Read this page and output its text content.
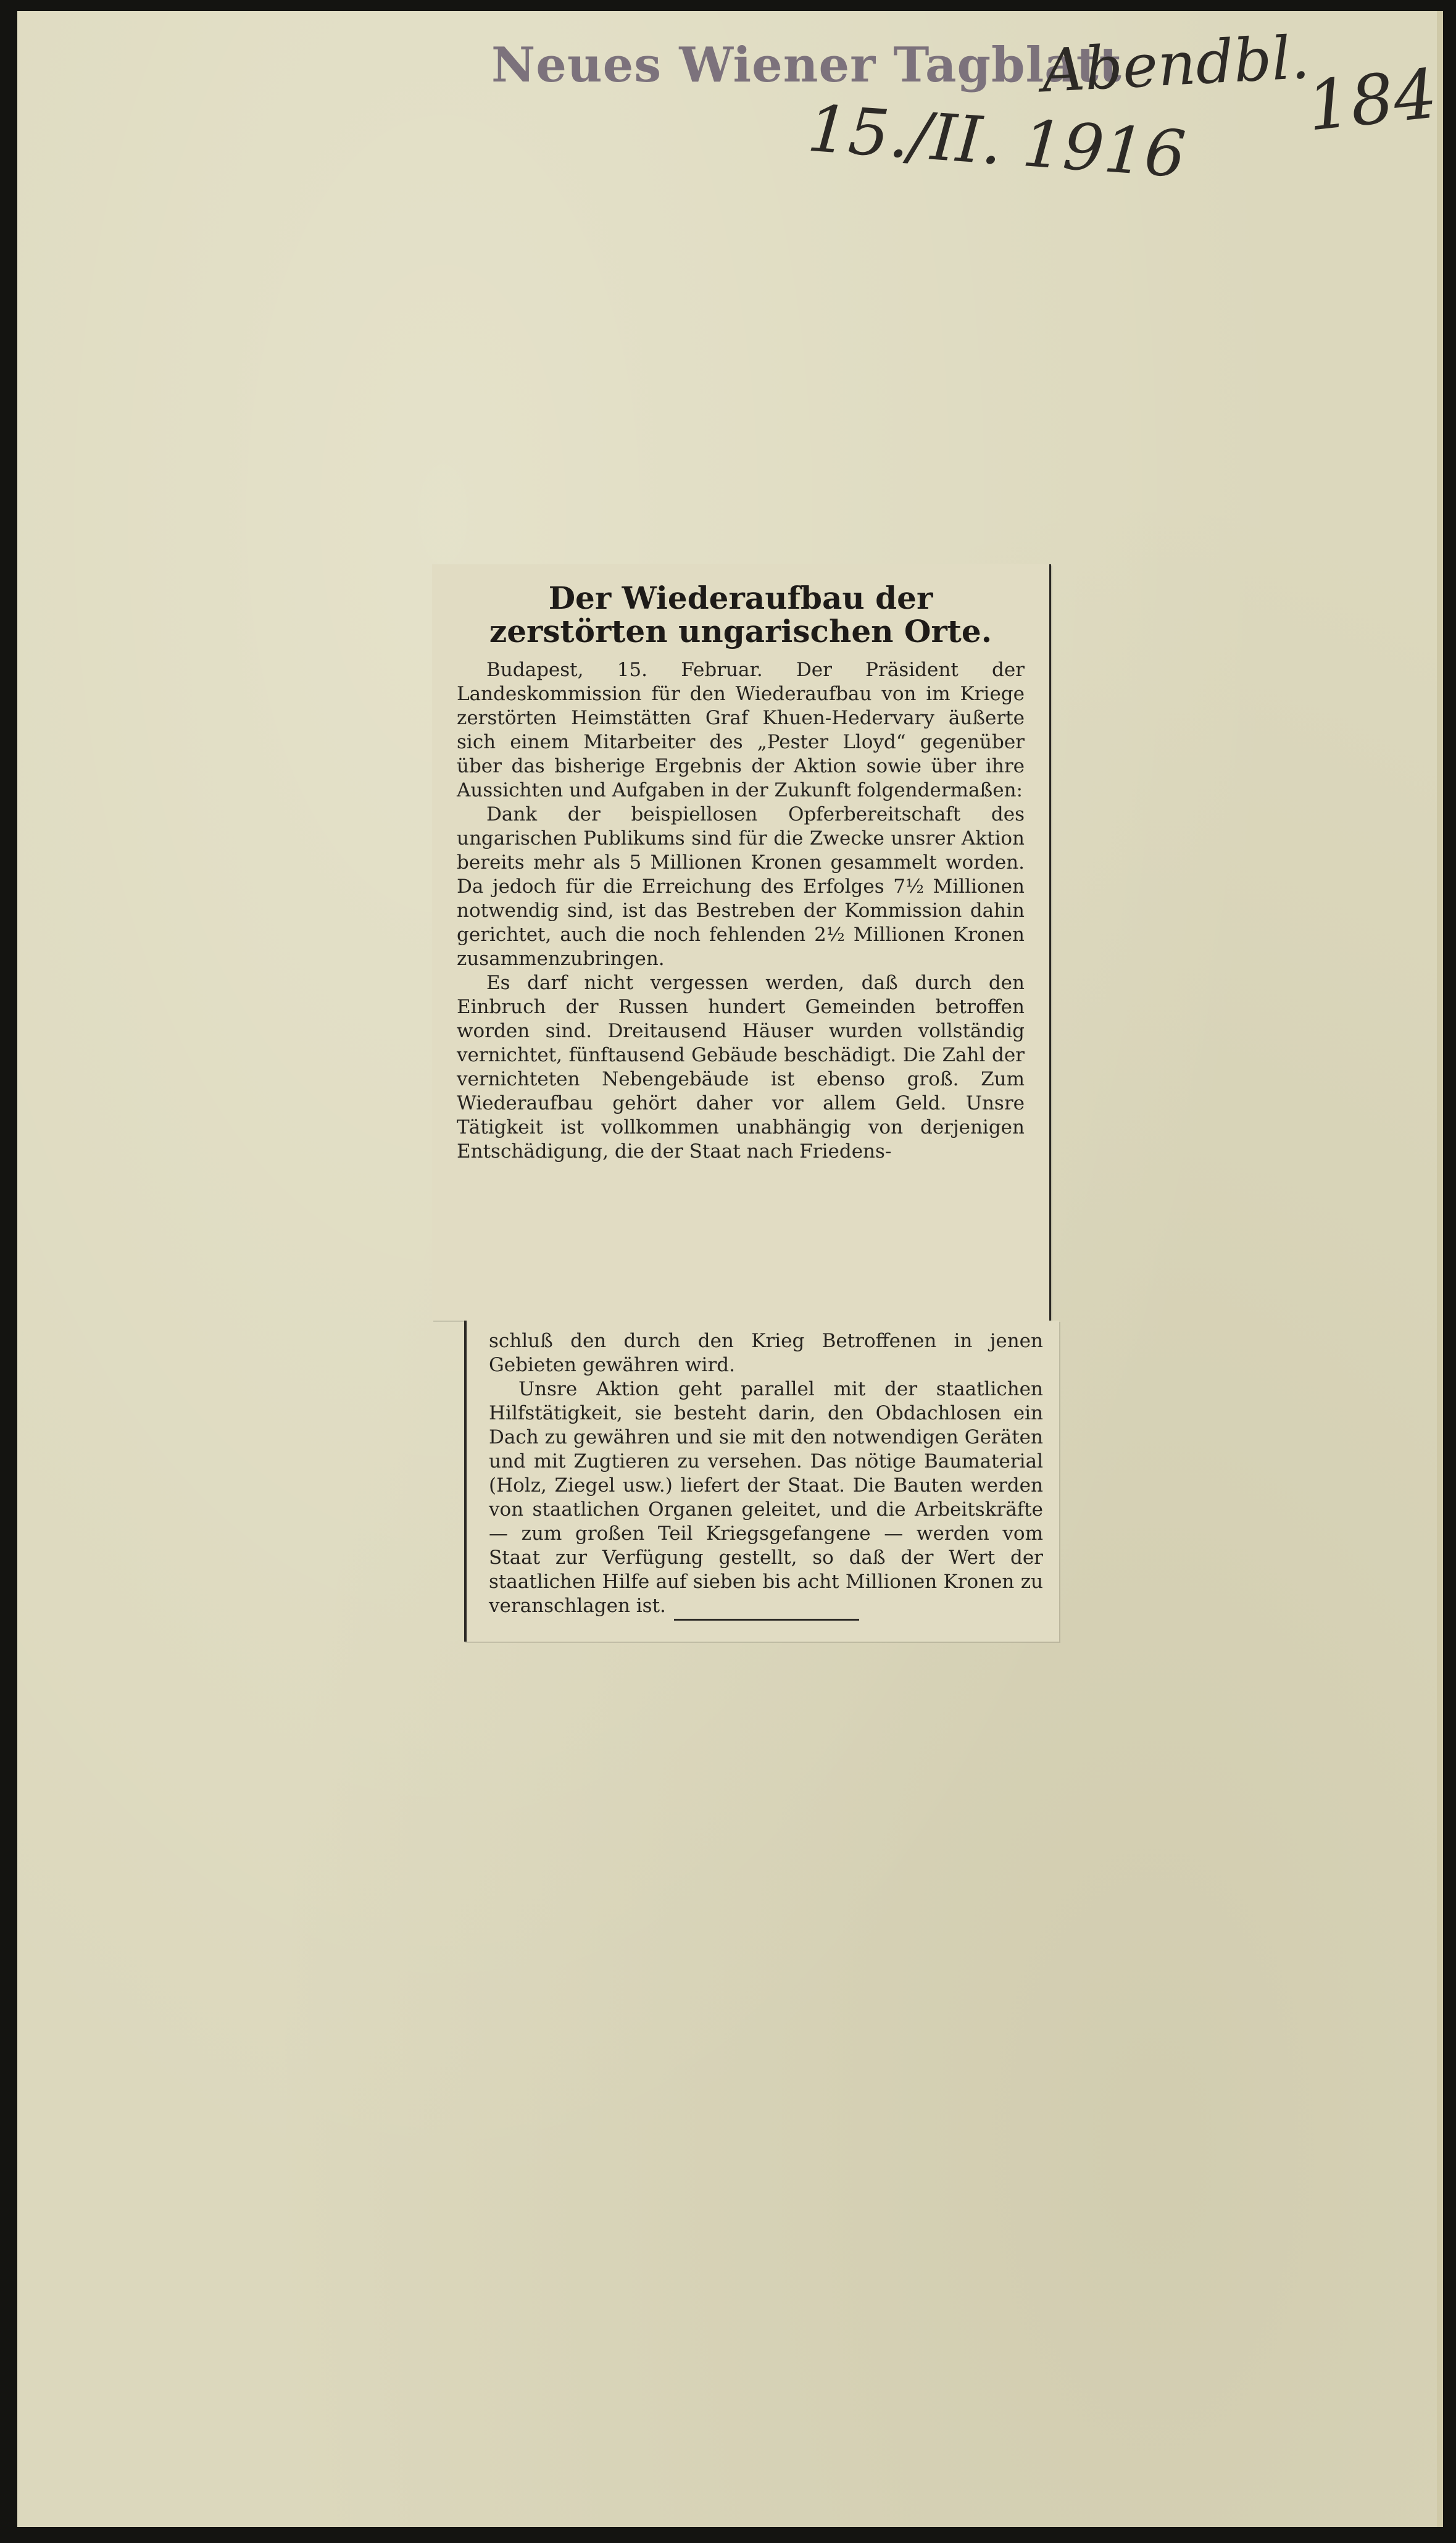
Neues Wiener Tagblatt
Abendbl.
15./II. 1916 184
Der Wiederaufbau der zerstörten ungarischen Orte.

Budapest, 15. Februar. Der Präsident der Landeskommission für den Wiederaufbau von im Kriege zerstörten Heimstätten Graf Khuen-Hedervary äußerte sich einem Mitarbeiter des „Pester Lloyd“ gegenüber über das bisherige Ergebnis der Aktion sowie über ihre Aussichten und Aufgaben in der Zukunft folgendermaßen:

Dank der beispiellosen Opferbereitschaft des ungarischen Publikums sind für die Zwecke unsrer Aktion bereits mehr als 5 Millionen Kronen gesammelt worden. Da jedoch für die Erreichung des Erfolges 7½ Millionen notwendig sind, ist das Bestreben der Kommission dahin gerichtet, auch die noch fehlenden 2½ Millionen Kronen zusammenzubringen.

Es darf nicht vergessen werden, daß durch den Einbruch der Russen hundert Gemeinden betroffen worden sind. Dreitausend Häuser wurden vollständig vernichtet, fünftausend Gebäude beschädigt. Die Zahl der vernichteten Nebengebäude ist ebenso groß. Zum Wiederaufbau gehört daher vor allem Geld. Unsre Tätigkeit ist vollkommen unabhängig von derjenigen Entschädigung, die der Staat nach Friedens-

schluß den durch den Krieg Betroffenen in jenen Gebieten gewähren wird.

Unsre Aktion geht parallel mit der staatlichen Hilfstätigkeit, sie besteht darin, den Obdachlosen ein Dach zu gewähren und sie mit den notwendigen Geräten und mit Zugtieren zu versehen. Das nötige Baumaterial (Holz, Ziegel usw.) liefert der Staat. Die Bauten werden von staatlichen Organen geleitet, und die Arbeitskräfte — zum großen Teil Kriegsgefangene — werden vom Staat zur Verfügung gestellt, so daß der Wert der staatlichen Hilfe auf sieben bis acht Millionen Kronen zu veranschlagen ist.
